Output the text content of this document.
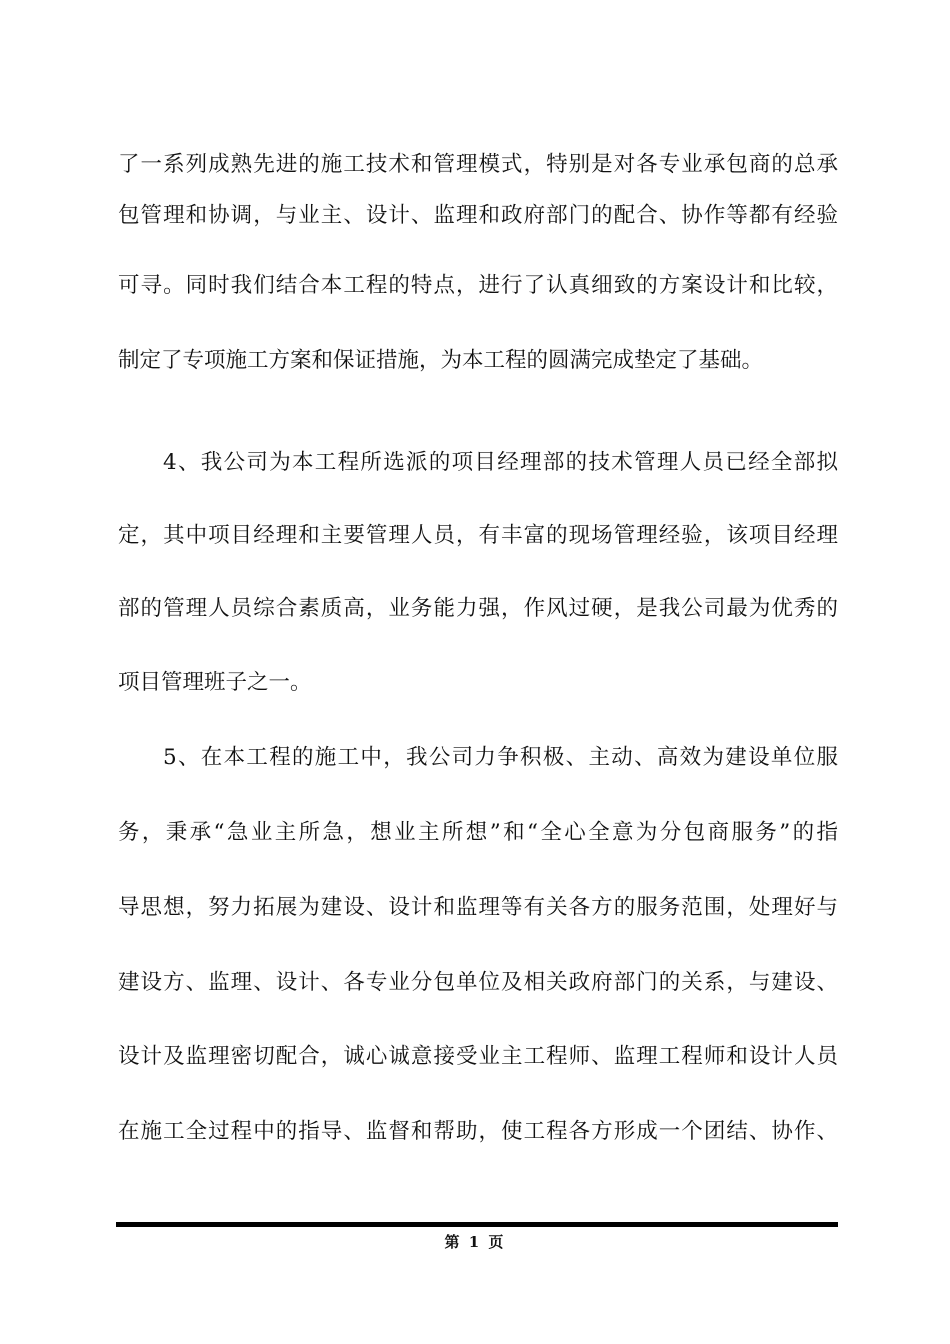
了一系列成熟先进的施工技术和管理模式，特别是对各专业承包商的总承
包管理和协调，与业主、设计、监理和政府部门的配合、协作等都有经验
可寻。同时我们结合本工程的特点，进行了认真细致的方案设计和比较，
制定了专项施工方案和保证措施，为本工程的圆满完成垫定了基础。
4、我公司为本工程所选派的项目经理部的技术管理人员已经全部拟
定，其中项目经理和主要管理人员，有丰富的现场管理经验，该项目经理
部的管理人员综合素质高，业务能力强，作风过硬，是我公司最为优秀的
项目管理班子之一。
5、在本工程的施工中，我公司力争积极、主动、高效为建设单位服
务，秉承“急业主所急，想业主所想”和“全心全意为分包商服务”的指
导思想，努力拓展为建设、设计和监理等有关各方的服务范围，处理好与
建设方、监理、设计、各专业分包单位及相关政府部门的关系，与建设、
设计及监理密切配合，诚心诚意接受业主工程师、监理工程师和设计人员
在施工全过程中的指导、监督和帮助，使工程各方形成一个团结、协作、
第 1 页
